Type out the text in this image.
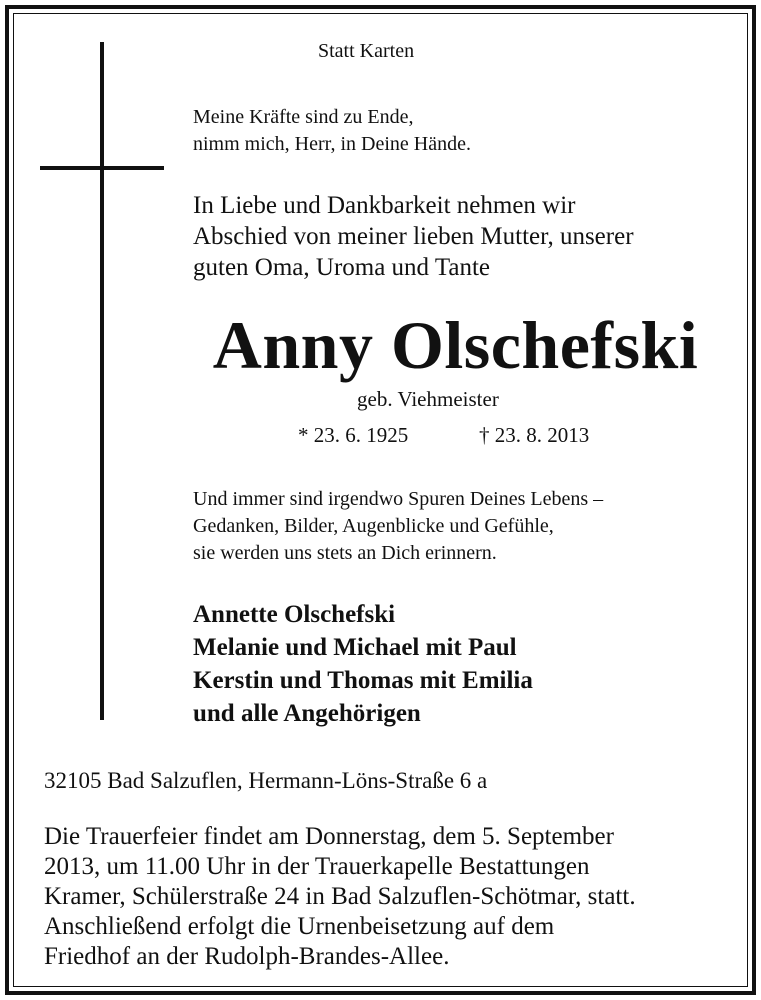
Statt Karten
Meine Kräfte sind zu Ende,
nimm mich, Herr, in Deine Hände.
In Liebe und Dankbarkeit nehmen wir
Abschied von meiner lieben Mutter, unserer
guten Oma, Uroma und Tante
Anny Olschefski
geb. Viehmeister
* 23. 6. 1925	† 23. 8. 2013
Und immer sind irgendwo Spuren Deines Lebens –
Gedanken, Bilder, Augenblicke und Gefühle,
sie werden uns stets an Dich erinnern.
Annette Olschefski
Melanie und Michael mit Paul
Kerstin und Thomas mit Emilia
und alle Angehörigen
32105 Bad Salzuflen, Hermann-Löns-Straße 6 a
Die Trauerfeier findet am Donnerstag, dem 5. September
2013, um 11.00 Uhr in der Trauerkapelle Bestattungen
Kramer, Schülerstraße 24 in Bad Salzuflen-Schötmar, statt.
Anschließend erfolgt die Urnenbeisetzung auf dem
Friedhof an der Rudolph-Brandes-Allee.
